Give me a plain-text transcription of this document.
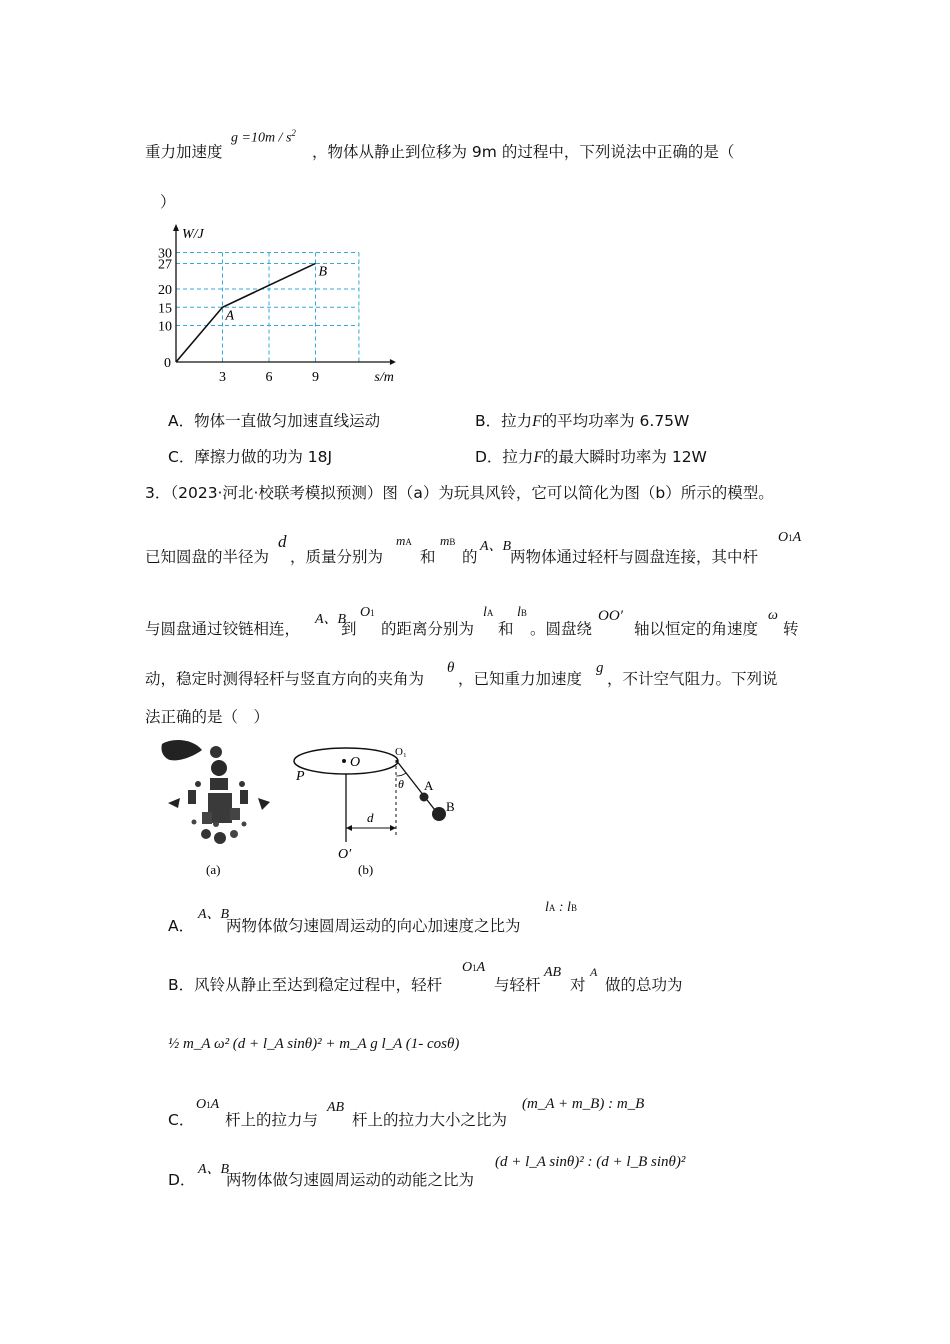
重力加速度
$g =10m / s^2$
，物体从静止到位移为 9m 的过程中，下列说法中正确的是（
）
10
15
20
27
30
3	6	9
W/J
s/m
0
A
B
A．物体一直做匀加速直线运动	B．拉力F的平均功率为 6.75W
C．摩擦力做的功为 18J	D．拉力F的最大瞬时功率为 12W
3．（2023·河北·校联考模拟预测）图（a）为玩具风铃，它可以简化为图（b）所示的模型。
已知圆盘的半径为
d
，质量分别为
mA
和
mB
的
A、B
两物体通过轻杆与圆盘连接，其中杆
O1A
与圆盘通过铰链相连，
A、B
到
O1
的距离分别为
lA
和
lB
。圆盘绕
OO′
轴以恒定的角速度
ω
转
动，稳定时测得轻杆与竖直方向的夹角为
θ
，已知重力加速度
g
，不计空气阻力。下列说
法正确的是（　）
(a)
P
O
O′
O₁
θ A
B
d
(b)
A．
A、B
两物体做匀速圆周运动的向心加速度之比为
lA : lB
B．风铃从静止至达到稳定过程中，轻杆
O1A
与轻杆
AB
对
A
做的总功为
½ m_A ω² (d + l_A sinθ)² + m_A g l_A (1- cosθ)
C．
O1A
杆上的拉力与
AB
杆上的拉力大小之比为
(m_A + m_B) : m_B
D．
A、B
两物体做匀速圆周运动的动能之比为
(d + l_A sinθ)² : (d + l_B sinθ)²
